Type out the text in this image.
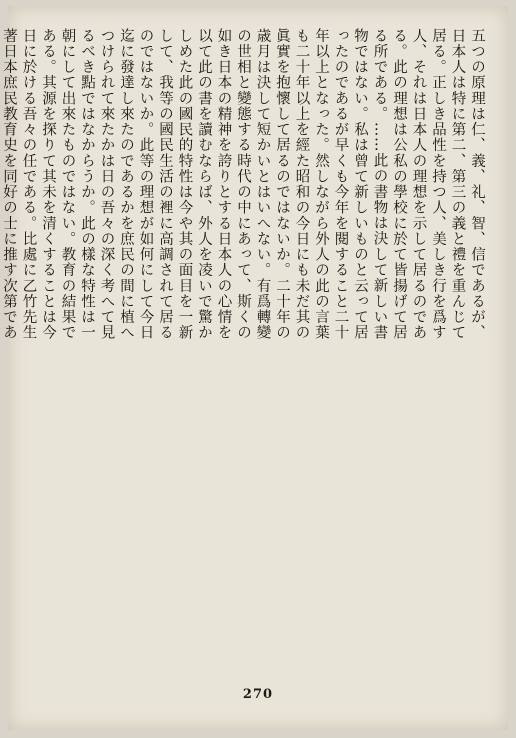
五つの原理は仁、義、礼、智、信であるが、日本人は特に第二、第三の義と禮を重んじて居る。正しき品性を持つ人、美しき行を爲す人、それは日本人の理想を示して居るのである。此の理想は公私の學校に於て皆揚げて居る所である。……此の書物は決して新しい書物ではない。私は曾て新しいものと云って居ったのであるが早くも今年を閱すること二十年以上となった。然しながら外人の此の言葉も二十年以上を經た昭和の今日にも未だ其の眞實を抱懷して居るのではないか。二十年の歳月は決して短かいとはいへない。有爲轉變の世相と變態する時代の中にあって、斯くの如き日本の精神を誇りとする日本人の心情を以て此の書を讀むならば、外人を凌いで驚かしめた此の國民的特性は今や其の面目を一新して、我等の國民生活の裡に高調されて居るのではないか。此等の理想が如何にして今日迄に發達し來たのであるかを庶民の間に植へつけられて來たかは日の吾々の深く考へて見るべき點ではなからうか。此の樣な特性は一朝にして出來たものではない。教育の結果である。其源を探りて其未を清くすることは今日に於ける吾々の任である。比處に乙竹先生著日本庶民教育史を同好の士に推す次第であ
270
